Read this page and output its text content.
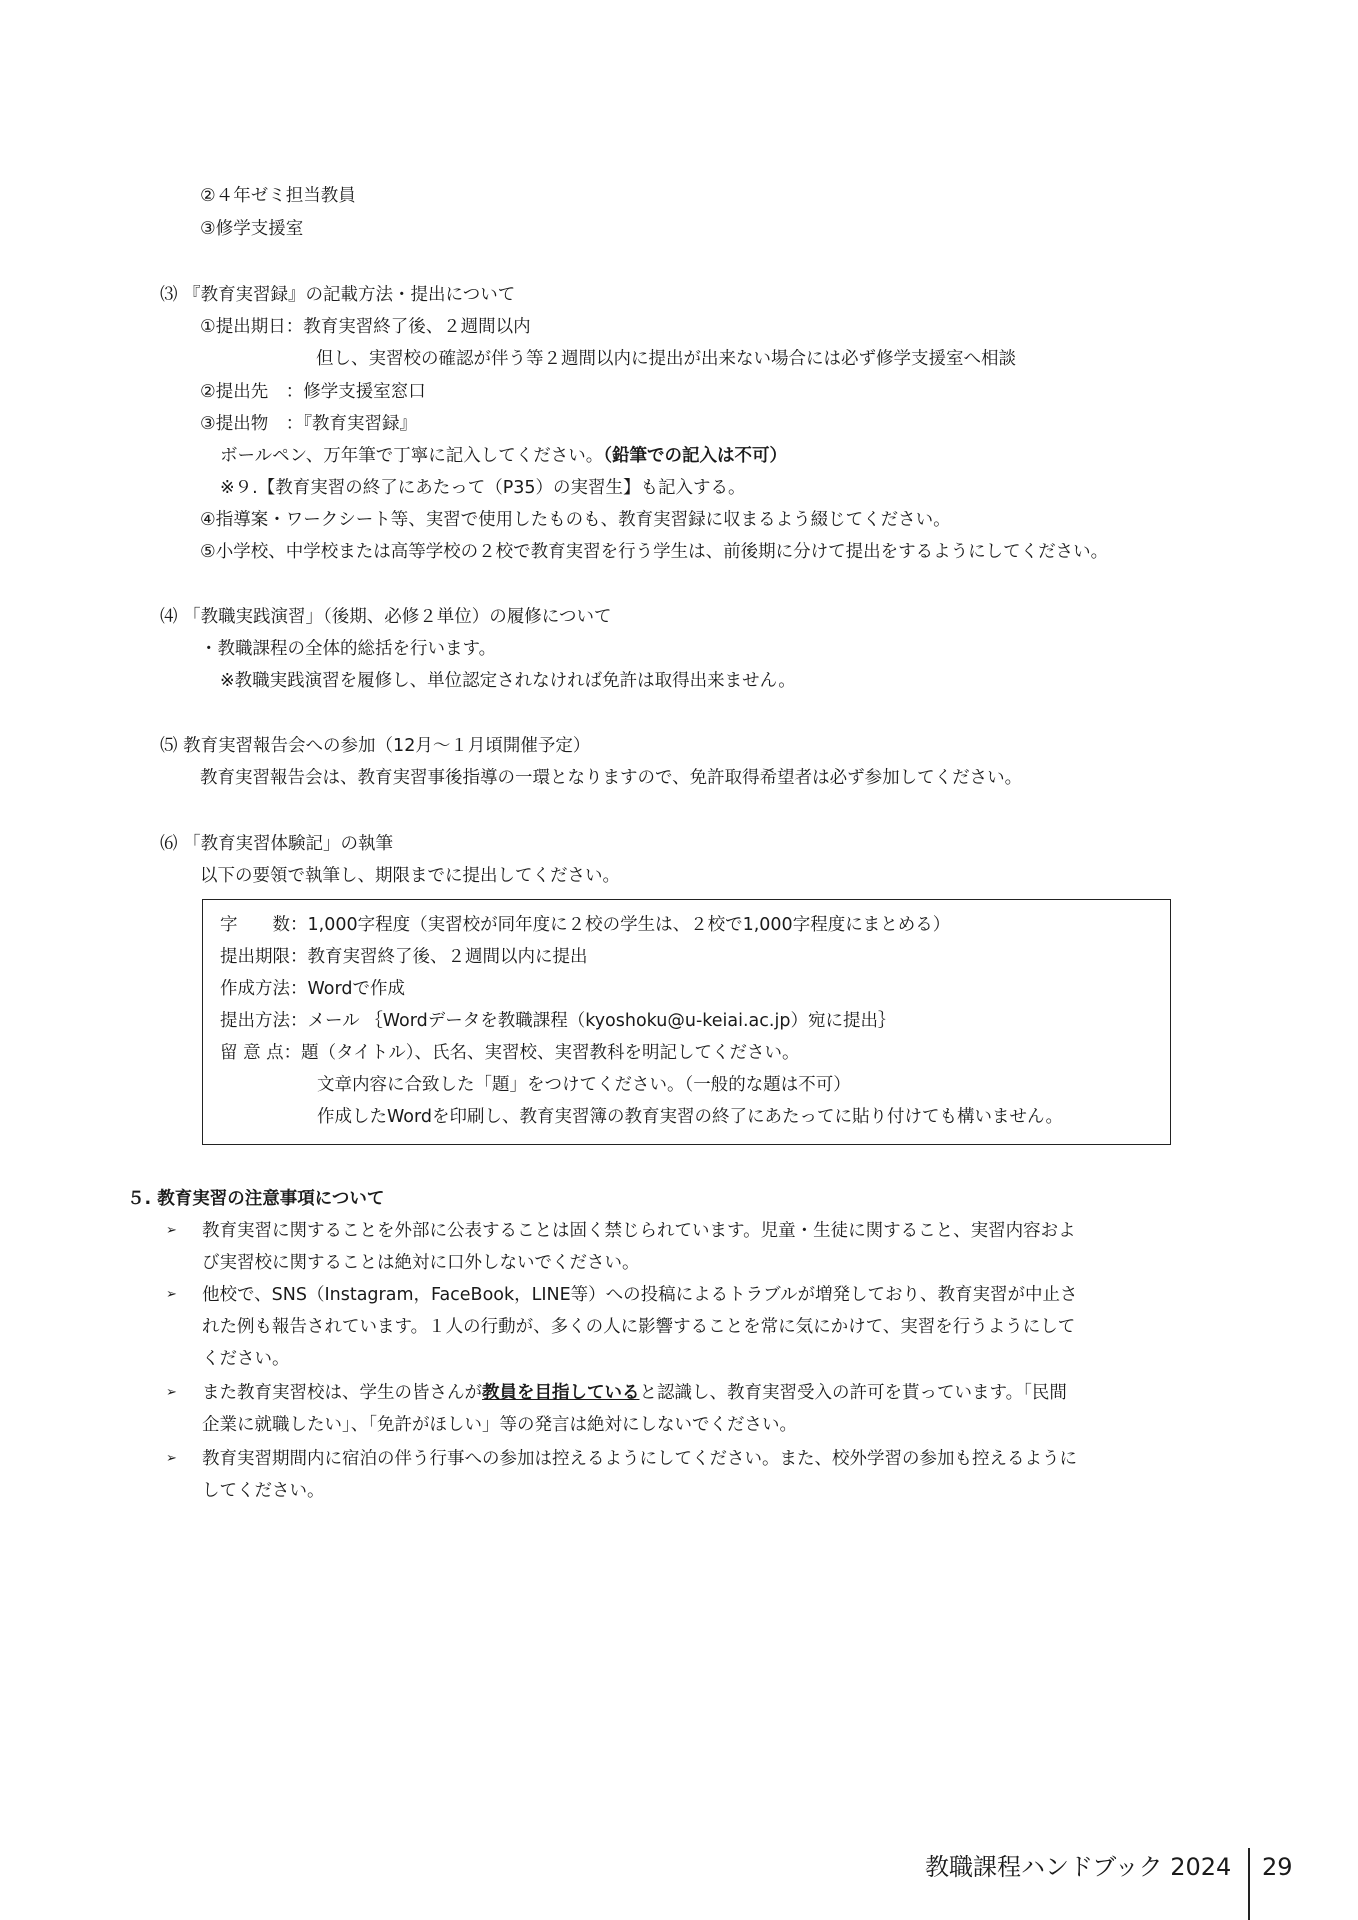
②４年ゼミ担当教員
③修学支援室
⑶ 『教育実習録』の記載方法・提出について
①提出期日：教育実習終了後、２週間以内
但し、実習校の確認が伴う等２週間以内に提出が出来ない場合には必ず修学支援室へ相談
②提出先　：修学支援室窓口
③提出物　：『教育実習録』
ボールペン、万年筆で丁寧に記入してください。（鉛筆での記入は不可）
※９.【教育実習の終了にあたって（P35）の実習生】も記入する。
④指導案・ワークシート等、実習で使用したものも、教育実習録に収まるよう綴じてください。
⑤小学校、中学校または高等学校の２校で教育実習を行う学生は、前後期に分けて提出をするようにしてください。
⑷ 「教職実践演習」（後期、必修２単位）の履修について
・教職課程の全体的総括を行います。
※教職実践演習を履修し、単位認定されなければ免許は取得出来ません。
⑸ 教育実習報告会への参加（12月～１月頃開催予定）
教育実習報告会は、教育実習事後指導の一環となりますので、免許取得希望者は必ず参加してください。
⑹ 「教育実習体験記」の執筆
以下の要領で執筆し、期限までに提出してください。
字　　数：1,000字程度（実習校が同年度に２校の学生は、２校で1,000字程度にまとめる）
提出期限：教育実習終了後、２週間以内に提出
作成方法：Wordで作成
提出方法：メール ｛Wordデータを教職課程（kyoshoku@u-keiai.ac.jp）宛に提出｝
留 意 点：題（タイトル）、氏名、実習校、実習教科を明記してください。
文章内容に合致した「題」をつけてください。（一般的な題は不可）
作成したWordを印刷し、教育実習簿の教育実習の終了にあたってに貼り付けても構いません。
５. 教育実習の注意事項について
➢ 教育実習に関することを外部に公表することは固く禁じられています。児童・生徒に関すること、実習内容およ
び実習校に関することは絶対に口外しないでください。
➢ 他校で、SNS（Instagram，FaceBook，LINE等）への投稿によるトラブルが増発しており、教育実習が中止さ
れた例も報告されています。１人の行動が、多くの人に影響することを常に気にかけて、実習を行うようにして
ください。
➢ また教育実習校は、学生の皆さんが教員を目指していると認識し、教育実習受入の許可を貰っています。「民間
企業に就職したい」、「免許がほしい」等の発言は絶対にしないでください。
➢ 教育実習期間内に宿泊の伴う行事への参加は控えるようにしてください。また、校外学習の参加も控えるように
してください。
教職課程ハンドブック 2024 29
